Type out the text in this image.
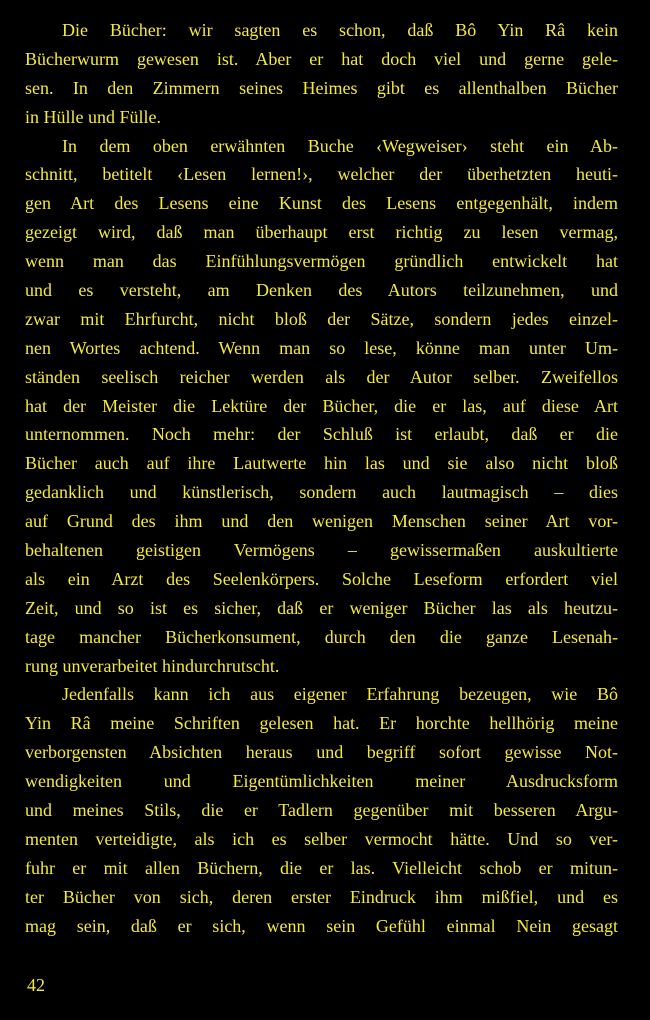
Die Bücher: wir sagten es schon, daß Bô Yin Râ kein
Bücherwurm gewesen ist. Aber er hat doch viel und gerne gele-
sen. In den Zimmern seines Heimes gibt es allenthalben Bücher
in Hülle und Fülle.
In dem oben erwähnten Buche ‹Wegweiser› steht ein Ab-
schnitt, betitelt ‹Lesen lernen!›, welcher der überhetzten heuti-
gen Art des Lesens eine Kunst des Lesens entgegenhält, indem
gezeigt wird, daß man überhaupt erst richtig zu lesen vermag,
wenn man das Einfühlungsvermögen gründlich entwickelt hat
und es versteht, am Denken des Autors teilzunehmen, und
zwar mit Ehrfurcht, nicht bloß der Sätze, sondern jedes einzel-
nen Wortes achtend. Wenn man so lese, könne man unter Um-
ständen seelisch reicher werden als der Autor selber. Zweifellos
hat der Meister die Lektüre der Bücher, die er las, auf diese Art
unternommen. Noch mehr: der Schluß ist erlaubt, daß er die
Bücher auch auf ihre Lautwerte hin las und sie also nicht bloß
gedanklich und künstlerisch, sondern auch lautmagisch – dies
auf Grund des ihm und den wenigen Menschen seiner Art vor-
behaltenen geistigen Vermögens – gewissermaßen auskultierte
als ein Arzt des Seelenkörpers. Solche Leseform erfordert viel
Zeit, und so ist es sicher, daß er weniger Bücher las als heutzu-
tage mancher Bücherkonsument, durch den die ganze Lesenah-
rung unverarbeitet hindurchrutscht.
Jedenfalls kann ich aus eigener Erfahrung bezeugen, wie Bô
Yin Râ meine Schriften gelesen hat. Er horchte hellhörig meine
verborgensten Absichten heraus und begriff sofort gewisse Not-
wendigkeiten und Eigentümlichkeiten meiner Ausdrucksform
und meines Stils, die er Tadlern gegenüber mit besseren Argu-
menten verteidigte, als ich es selber vermocht hätte. Und so ver-
fuhr er mit allen Büchern, die er las. Vielleicht schob er mitun-
ter Bücher von sich, deren erster Eindruck ihm mißfiel, und es
mag sein, daß er sich, wenn sein Gefühl einmal Nein gesagt
42
